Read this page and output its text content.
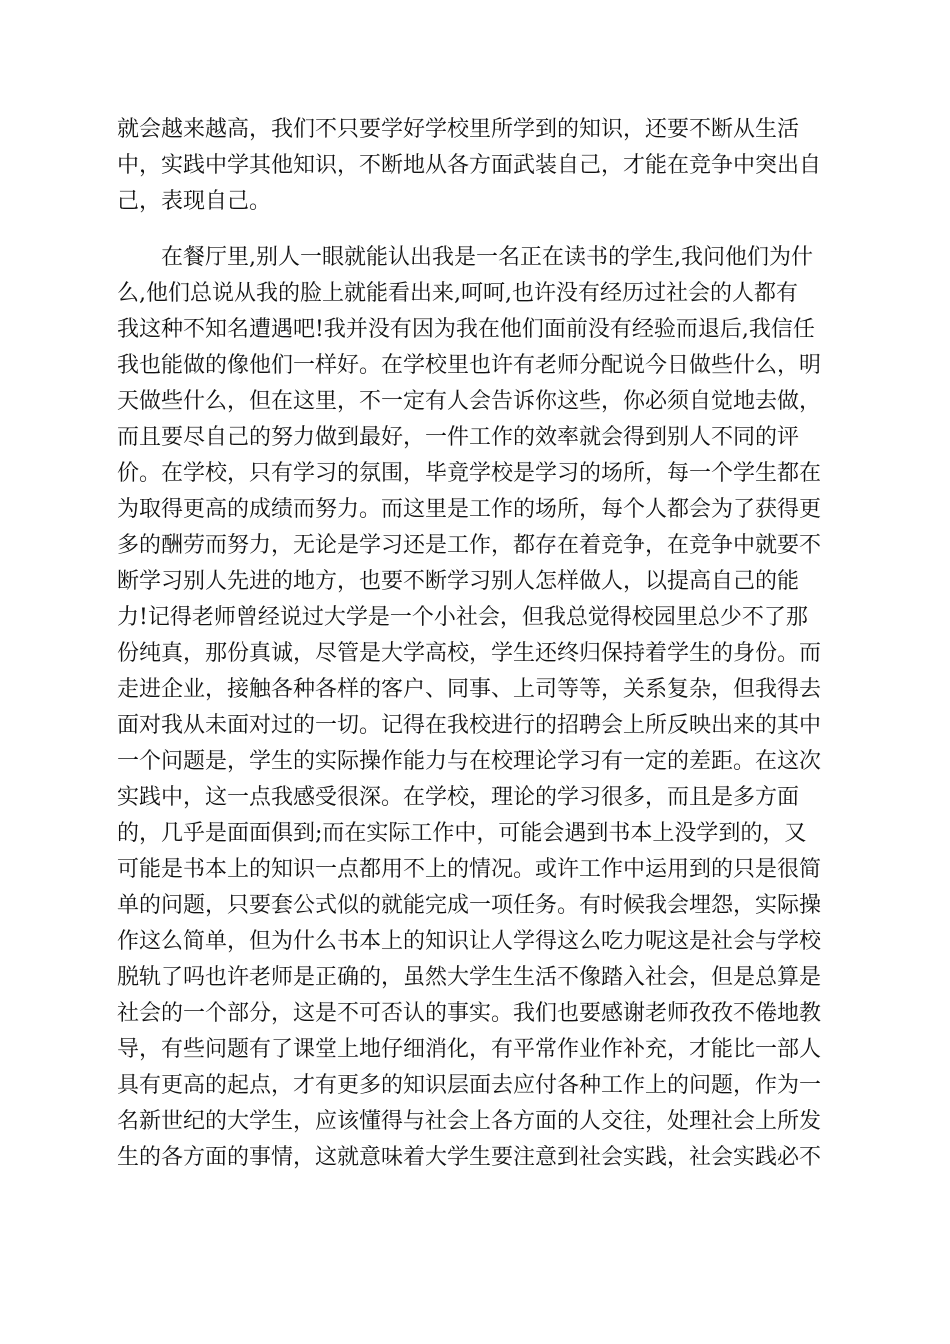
就会越来越高，我们不只要学好学校里所学到的知识，还要不断从生活
中，实践中学其他知识，不断地从各方面武装自己，才能在竞争中突出自
己，表现自己。
在餐厅里,别人一眼就能认出我是一名正在读书的学生,我问他们为什
么,他们总说从我的脸上就能看出来,呵呵,也许没有经历过社会的人都有
我这种不知名遭遇吧!我并没有因为我在他们面前没有经验而退后,我信任
我也能做的像他们一样好。在学校里也许有老师分配说今日做些什么，明
天做些什么，但在这里，不一定有人会告诉你这些，你必须自觉地去做，
而且要尽自己的努力做到最好，一件工作的效率就会得到别人不同的评
价。在学校，只有学习的氛围，毕竟学校是学习的场所，每一个学生都在
为取得更高的成绩而努力。而这里是工作的场所，每个人都会为了获得更
多的酬劳而努力，无论是学习还是工作，都存在着竞争，在竞争中就要不
断学习别人先进的地方，也要不断学习别人怎样做人，以提高自己的能
力!记得老师曾经说过大学是一个小社会，但我总觉得校园里总少不了那
份纯真，那份真诚，尽管是大学高校，学生还终归保持着学生的身份。而
走进企业，接触各种各样的客户、同事、上司等等，关系复杂，但我得去
面对我从未面对过的一切。记得在我校进行的招聘会上所反映出来的其中
一个问题是，学生的实际操作能力与在校理论学习有一定的差距。在这次
实践中，这一点我感受很深。在学校，理论的学习很多，而且是多方面
的，几乎是面面俱到;而在实际工作中，可能会遇到书本上没学到的，又
可能是书本上的知识一点都用不上的情况。或许工作中运用到的只是很简
单的问题，只要套公式似的就能完成一项任务。有时候我会埋怨，实际操
作这么简单，但为什么书本上的知识让人学得这么吃力呢这是社会与学校
脱轨了吗也许老师是正确的，虽然大学生生活不像踏入社会，但是总算是
社会的一个部分，这是不可否认的事实。我们也要感谢老师孜孜不倦地教
导，有些问题有了课堂上地仔细消化，有平常作业作补充，才能比一部人
具有更高的起点，才有更多的知识层面去应付各种工作上的问题，作为一
名新世纪的大学生，应该懂得与社会上各方面的人交往，处理社会上所发
生的各方面的事情，这就意味着大学生要注意到社会实践，社会实践必不
